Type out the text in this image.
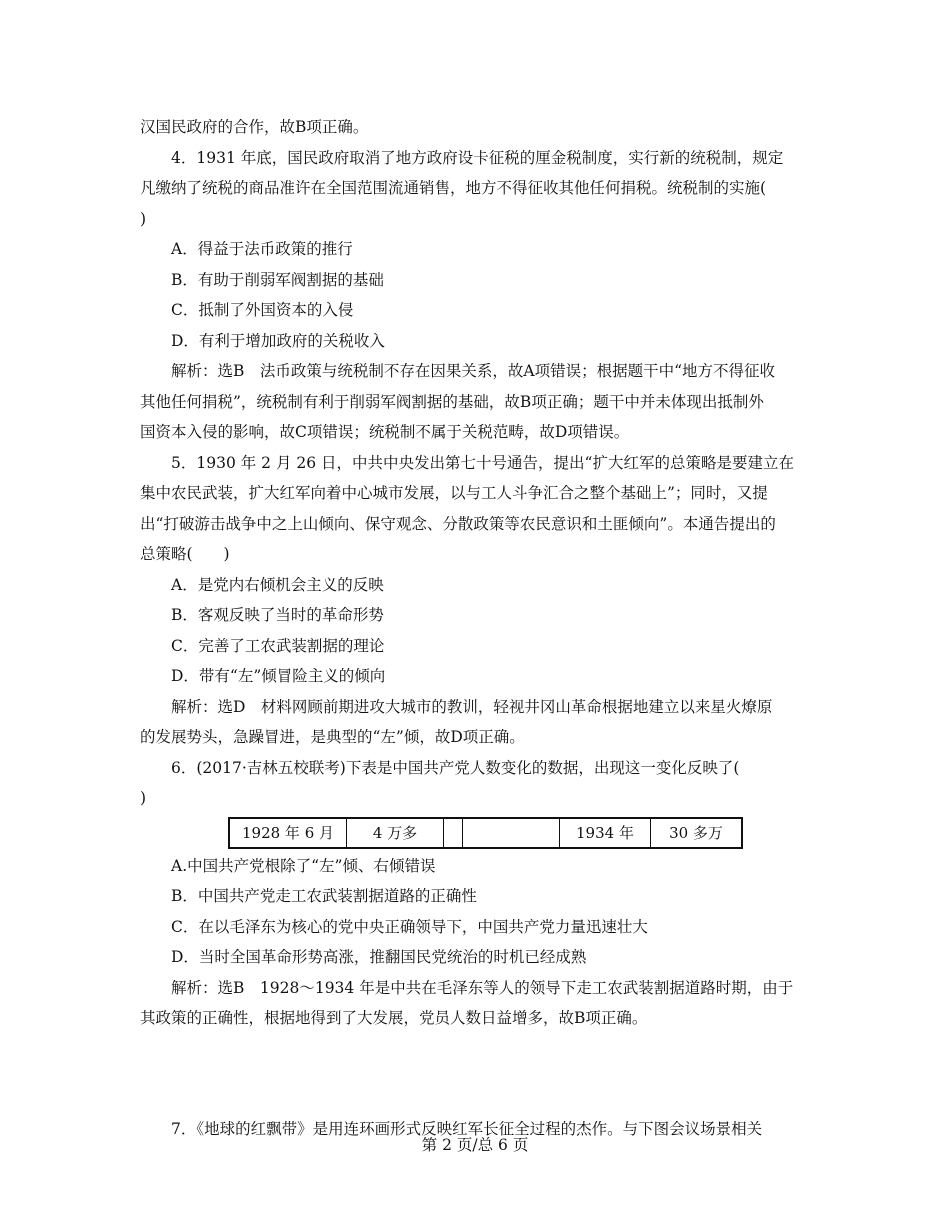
汉国民政府的合作，故B项正确。

4．1931 年底，国民政府取消了地方政府设卡征税的厘金税制度，实行新的统税制，规定

凡缴纳了统税的商品准许在全国范围流通销售，地方不得征收其他任何捐税。统税制的实施(

)

A．得益于法币政策的推行

B．有助于削弱军阀割据的基础

C．抵制了外国资本的入侵

D．有利于增加政府的关税收入

解析：选B　法币政策与统税制不存在因果关系，故A项错误；根据题干中“地方不得征收

其他任何捐税”，统税制有利于削弱军阀割据的基础，故B项正确；题干中并未体现出抵制外

国资本入侵的影响，故C项错误；统税制不属于关税范畴，故D项错误。

5．1930 年 2 月 26 日，中共中央发出第七十号通告，提出“扩大红军的总策略是要建立在

集中农民武装，扩大红军向着中心城市发展，以与工人斗争汇合之整个基础上”；同时，又提

出“打破游击战争中之上山倾向、保守观念、分散政策等农民意识和土匪倾向”。本通告提出的

总策略(　　)

A．是党内右倾机会主义的反映

B．客观反映了当时的革命形势

C．完善了工农武装割据的理论

D．带有“左”倾冒险主义的倾向

解析：选D　材料网顾前期进攻大城市的教训，轻视井冈山革命根据地建立以来星火燎原

的发展势头，急躁冒进，是典型的“左”倾，故D项正确。

6．(2017·吉林五校联考)下表是中国共产党人数变化的数据，出现这一变化反映了(

)

1928 年 6 月	4 万多			1934 年	30 多万

A.中国共产党根除了“左”倾、右倾错误

B．中国共产党走工农武装割据道路的正确性

C．在以毛泽东为核心的党中央正确领导下，中国共产党力量迅速壮大

D．当时全国革命形势高涨，推翻国民党统治的时机已经成熟

解析：选B　1928～1934 年是中共在毛泽东等人的领导下走工农武装割据道路时期，由于

其政策的正确性，根据地得到了大发展，党员人数日益增多，故B项正确。

7．《地球的红飘带》是用连环画形式反映红军长征全过程的杰作。与下图会议场景相关

第 2 页/总 6 页
